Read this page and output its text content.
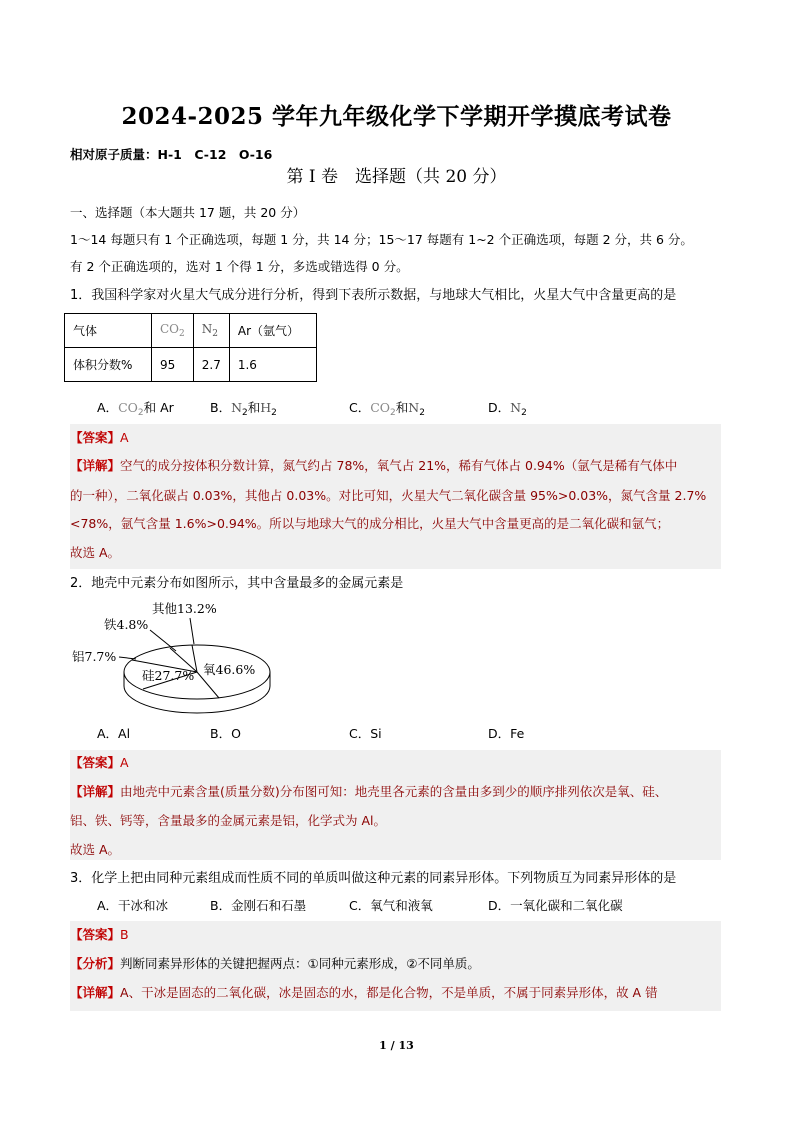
2024-2025 学年九年级化学下学期开学摸底考试卷
相对原子质量：H-1　C-12　O-16
第 I 卷　选择题（共 20 分）
一、选择题（本大题共 17 题，共 20 分）
1～14 每题只有 1 个正确选项，每题 1 分，共 14 分；15～17 每题有 1~2 个正确选项，每题 2 分，共 6 分。
有 2 个正确选项的，选对 1 个得 1 分，多选或错选得 0 分。
1．我国科学家对火星大气成分进行分析，得到下表所示数据，与地球大气相比，火星大气中含量更高的是
气体	$CO_2$	$N_2$	Ar（氩气）
体积分数%	95	2.7	1.6
A．$CO_2$和 Ar	B．$N_2$和$H_2$	C．$CO_2$和$N_2$	D．$N_2$
【答案】A
【详解】空气的成分按体积分数计算，氮气约占 78%，氧气占 21%，稀有气体占 0.94%（氩气是稀有气体中
的一种），二氧化碳占 0.03%，其他占 0.03%。对比可知，火星大气二氧化碳含量 95%>0.03%，氮气含量 2.7%
<78%，氩气含量 1.6%>0.94%。所以与地球大气的成分相比，火星大气中含量更高的是二氧化碳和氩气；
故选 A。
2．地壳中元素分布如图所示，其中含量最多的金属元素是
其他13.2%
铁4.8%
铝7.7%
硅27.7% 氧46.6%
A．Al	B．O	C．Si	D．Fe
【答案】A
【详解】由地壳中元素含量(质量分数)分布图可知：地壳里各元素的含量由多到少的顺序排列依次是氧、硅、
铝、铁、钙等，含量最多的金属元素是铝，化学式为 Al。
故选 A。
3．化学上把由同种元素组成而性质不同的单质叫做这种元素的同素异形体。下列物质互为同素异形体的是
A．干冰和冰	B．金刚石和石墨	C．氧气和液氧	D．一氧化碳和二氧化碳
【答案】B
【分析】判断同素异形体的关键把握两点：①同种元素形成，②不同单质。
【详解】A、干冰是固态的二氧化碳，冰是固态的水，都是化合物，不是单质，不属于同素异形体，故 A 错
1 / 13
